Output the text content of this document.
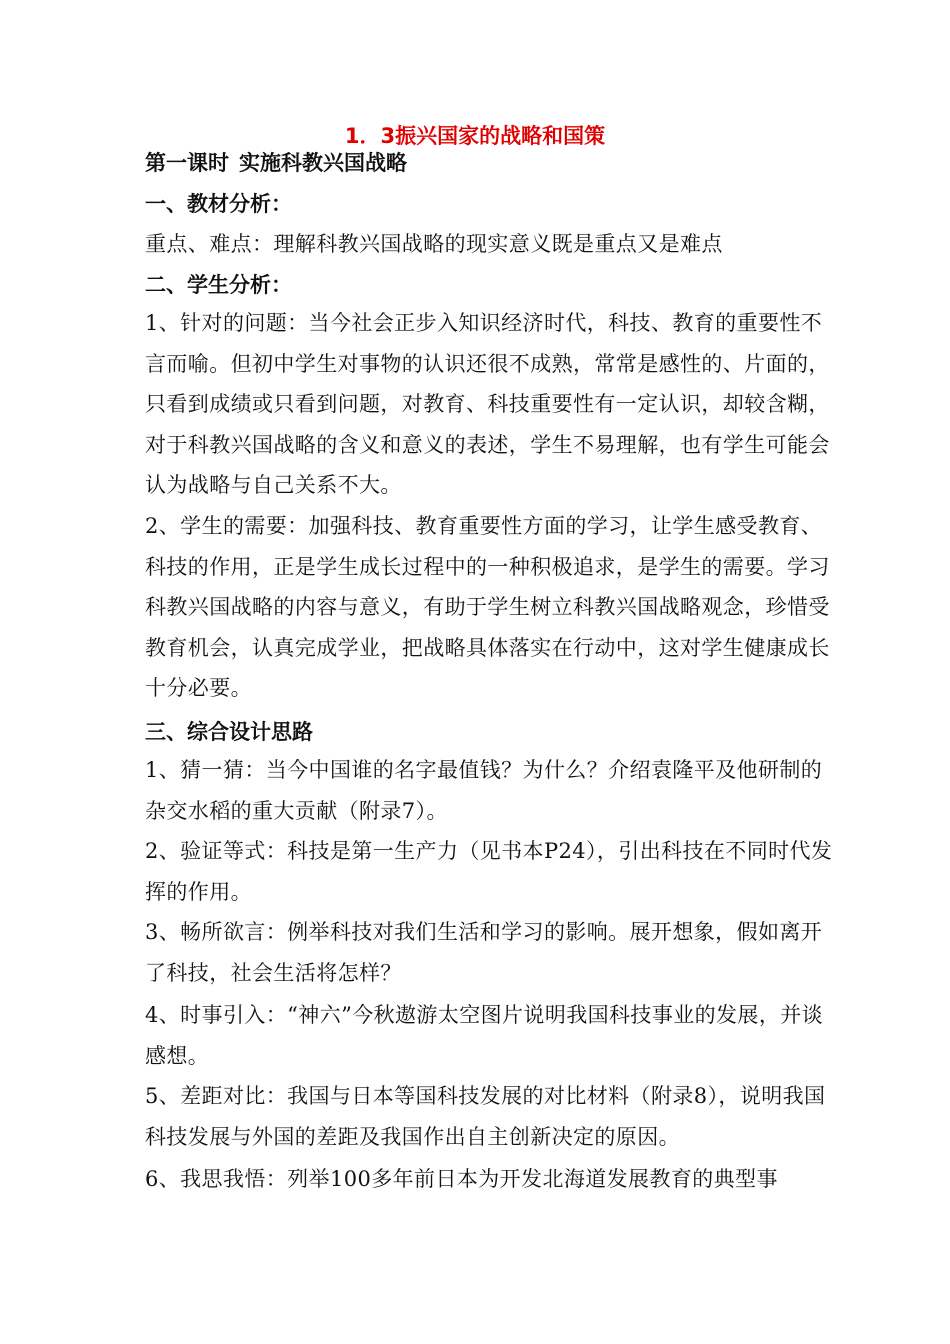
1．3振兴国家的战略和国策
第一课时 实施科教兴国战略
一、教材分析：
重点、难点：理解科教兴国战略的现实意义既是重点又是难点
二、学生分析：
1、针对的问题：当今社会正步入知识经济时代，科技、教育的重要性不言而喻。但初中学生对事物的认识还很不成熟，常常是感性的、片面的，只看到成绩或只看到问题，对教育、科技重要性有一定认识，却较含糊，对于科教兴国战略的含义和意义的表述，学生不易理解，也有学生可能会认为战略与自己关系不大。
2、学生的需要：加强科技、教育重要性方面的学习，让学生感受教育、科技的作用，正是学生成长过程中的一种积极追求，是学生的需要。学习科教兴国战略的内容与意义，有助于学生树立科教兴国战略观念，珍惜受教育机会，认真完成学业，把战略具体落实在行动中，这对学生健康成长十分必要。
三、综合设计思路
1、猜一猜：当今中国谁的名字最值钱？为什么？介绍袁隆平及他研制的杂交水稻的重大贡献（附录7）。
2、验证等式：科技是第一生产力（见书本P24），引出科技在不同时代发挥的作用。
3、畅所欲言：例举科技对我们生活和学习的影响。展开想象，假如离开了科技，社会生活将怎样？
4、时事引入：“神六”今秋遨游太空图片说明我国科技事业的发展，并谈感想。
5、差距对比：我国与日本等国科技发展的对比材料（附录8），说明我国科技发展与外国的差距及我国作出自主创新决定的原因。
6、我思我悟：列举100多年前日本为开发北海道发展教育的典型事
